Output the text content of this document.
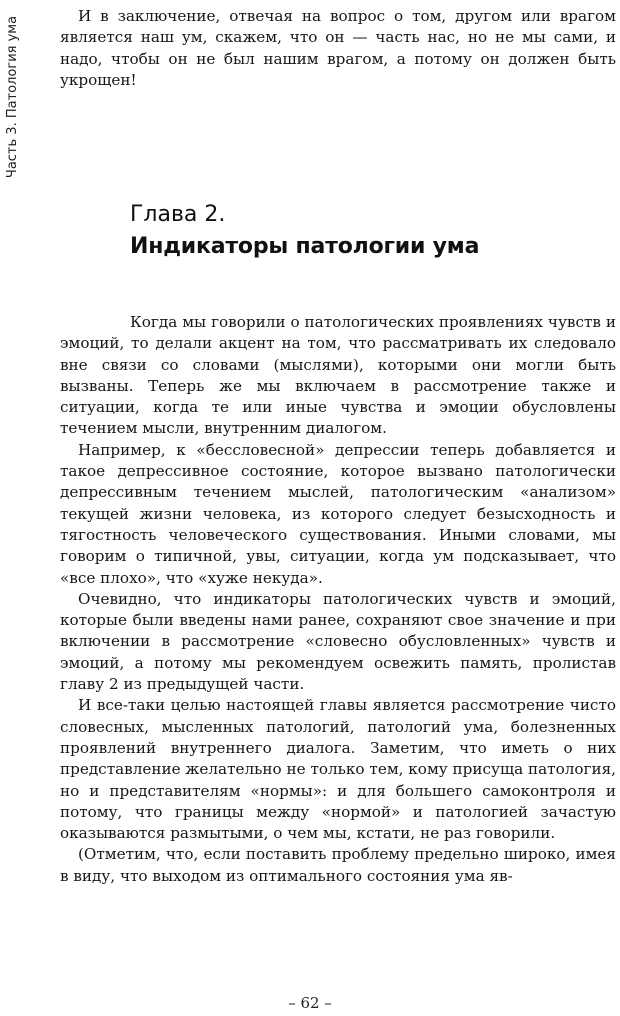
Часть 3. Патология ума	И в заключение, отвечая на вопрос о том, другом или врагом является наш ум, скажем, что он — часть нас, но не мы сами, и надо, чтобы он не был нашим врагом, а потому он должен быть укрощен!

Глава 2.
Индикаторы патологии ума

Когда мы говорили о патологических проявлениях чувств и эмоций, то делали акцент на том, что рассматривать их следовало вне связи со словами (мыслями), которыми они могли быть вызваны. Теперь же мы включаем в рассмотрение также и ситуации, когда те или иные чувства и эмоции обусловлены течением мысли, внутренним диалогом.

Например, к «бессловесной» депрессии теперь добавляется и такое депрессивное состояние, которое вызвано патологически депрессивным течением мыслей, патологическим «анализом» текущей жизни человека, из которого следует безысходность и тягостность человеческого существования. Иными словами, мы говорим о типичной, увы, ситуации, когда ум подсказывает, что «все плохо», что «хуже некуда».

Очевидно, что индикаторы патологических чувств и эмоций, которые были введены нами ранее, сохраняют свое значение и при включении в рассмотрение «словесно обусловленных» чувств и эмоций, а потому мы рекомендуем освежить память, пролистав главу 2 из предыдущей части.

И все-таки целью настоящей главы является рассмотрение чисто словесных, мысленных патологий, патологий ума, болезненных проявлений внутреннего диалога. Заметим, что иметь о них представление желательно не только тем, кому присуща патология, но и представителям «нормы»: и для большего самоконтроля и потому, что границы между «нормой» и патологией зачастую оказываются размытыми, о чем мы, кстати, не раз говорили.

(Отметим, что, если поставить проблему предельно широко, имея в виду, что выходом из оптимального состояния ума яв-

– 62 –
